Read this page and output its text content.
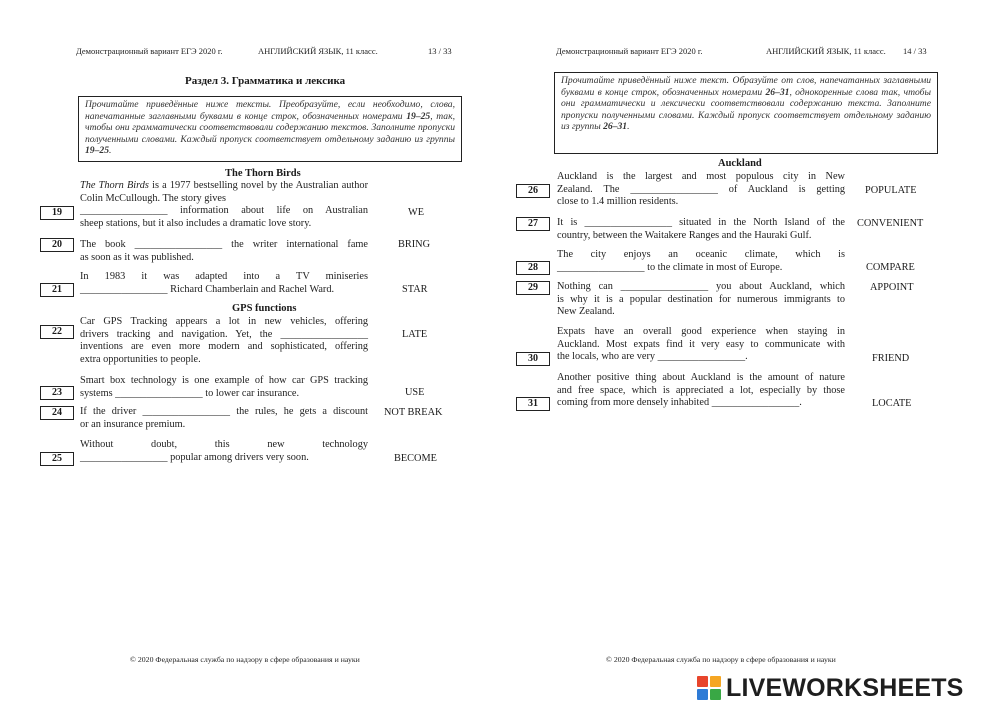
Демонстрационный вариант ЕГЭ 2020 г.	АНГЛИЙСКИЙ ЯЗЫК, 11 класс.	13 / 33
Раздел 3. Грамматика и лексика
Прочитайте приведённые ниже тексты. Преобразуйте, если необходимо, слова, напечатанные заглавными буквами в конце строк, обозначенных номерами 19–25, так, чтобы они грамматически соответствовали содержанию текстов. Заполните пропуски полученными словами. Каждый пропуск соответствует отдельному заданию из группы 19–25.
The Thorn Birds
The Thorn Birds is a 1977 bestselling novel by the Australian author Colin McCullough. The story gives
_________________ information about life on Australian
sheep stations, but it also includes a dramatic love story.
19	WE
The book _________________ the writer international fame
as soon as it was published.
20	BRING
In 1983 it was adapted into a TV miniseries
_________________ Richard Chamberlain and Rachel Ward.
21	STAR
GPS functions
Car GPS Tracking appears a lot in new vehicles, offering
drivers tracking and navigation. Yet, the _________________
inventions are even more modern and sophisticated, offering
extra opportunities to people.
22	LATE
Smart box technology is one example of how car GPS tracking
systems _________________ to lower car insurance.
23	USE
If the driver _________________ the rules, he gets a discount
or an insurance premium.
24	NOT BREAK
Without doubt, this new technology
_________________ popular among drivers very soon.
25	BECOME
© 2020 Федеральная служба по надзору в сфере образования и науки
Демонстрационный вариант ЕГЭ 2020 г.	АНГЛИЙСКИЙ ЯЗЫК, 11 класс. 14 / 33
Прочитайте приведённый ниже текст. Образуйте от слов, напечатанных заглавными буквами в конце строк, обозначенных номерами 26–31, однокоренные слова так, чтобы они грамматически и лексически соответствовали содержанию текста. Заполните пропуски полученными словами. Каждый пропуск соответствует отдельному заданию из группы 26–31.
Auckland
Auckland is the largest and most populous city in New
Zealand. The _________________ of Auckland is getting
close to 1.4 million residents.
26	POPULATE
It is _________________ situated in the North Island of the
country, between the Waitakere Ranges and the Hauraki Gulf.
27	CONVENIENT
The city enjoys an oceanic climate, which is
_________________ to the climate in most of Europe.
28	COMPARE
Nothing can _________________ you about Auckland, which
is why it is a popular destination for numerous immigrants to
New Zealand.
29	APPOINT
Expats have an overall good experience when staying in
Auckland. Most expats find it very easy to communicate with
the locals, who are very _________________.
30	FRIEND
Another positive thing about Auckland is the amount of nature
and free space, which is appreciated a lot, especially by those
coming from more densely inhabited _________________.
31	LOCATE
© 2020 Федеральная служба по надзору в сфере образования и науки
LIVEWORKSHEETS
